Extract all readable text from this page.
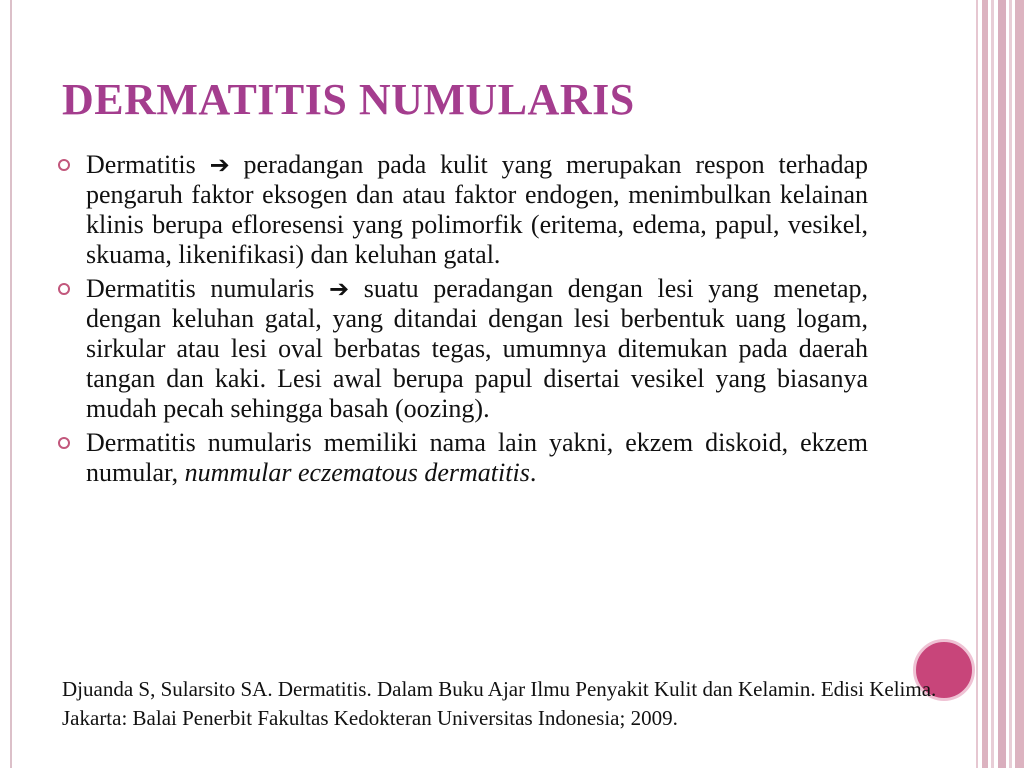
DERMATITIS NUMULARIS
Dermatitis ➔ peradangan pada kulit yang merupakan respon terhadap pengaruh faktor eksogen dan atau faktor endogen, menimbulkan kelainan klinis berupa efloresensi yang polimorfik (eritema, edema, papul, vesikel, skuama, likenifikasi) dan keluhan gatal.
Dermatitis numularis ➔ suatu peradangan dengan lesi yang menetap, dengan keluhan gatal, yang ditandai dengan lesi berbentuk uang logam, sirkular atau lesi oval berbatas tegas, umumnya ditemukan pada daerah tangan dan kaki. Lesi awal berupa papul disertai vesikel yang biasanya mudah pecah sehingga basah (oozing).
Dermatitis numularis memiliki nama lain yakni, ekzem diskoid, ekzem numular, nummular eczematous dermatitis.

Djuanda S, Sularsito SA. Dermatitis. Dalam Buku Ajar Ilmu Penyakit Kulit dan Kelamin. Edisi Kelima. Jakarta: Balai Penerbit Fakultas Kedokteran Universitas Indonesia; 2009.
